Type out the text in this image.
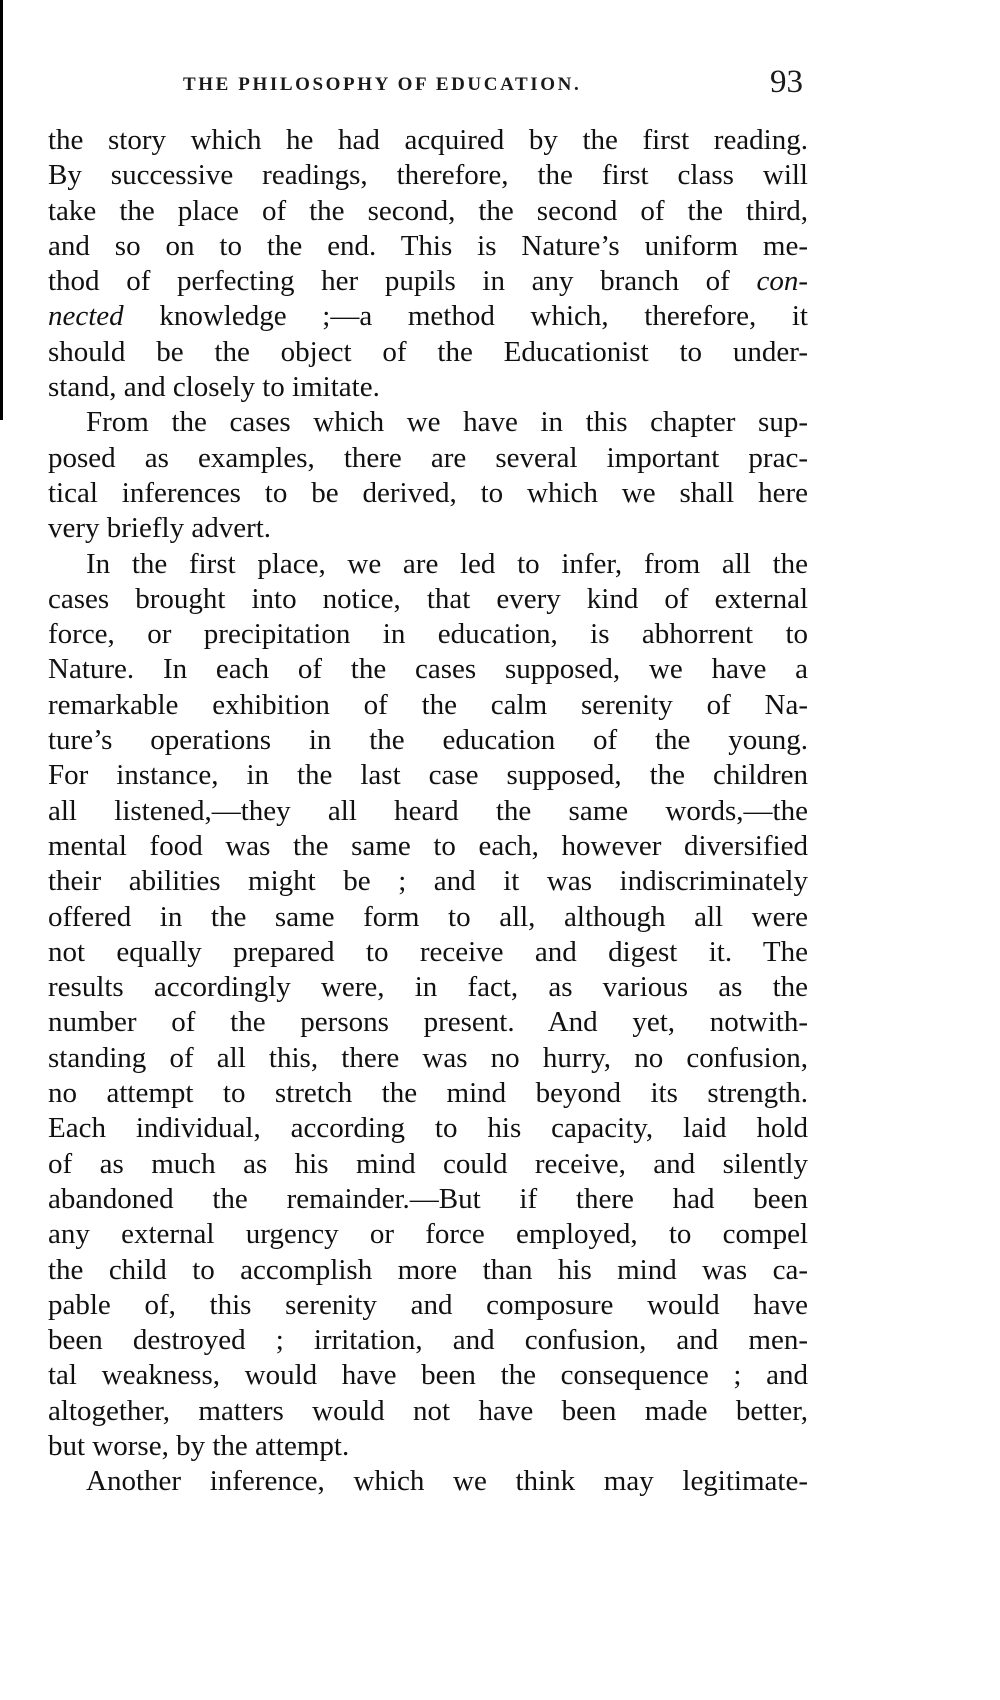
THE PHILOSOPHY OF EDUCATION.	93
the story which he had acquired by the first reading.
By successive readings, therefore, the first class will
take the place of the second, the second of the third,
and so on to the end. This is Nature’s uniform me-
thod of perfecting her pupils in any branch of con-
nected knowledge ;—a method which, therefore, it
should be the object of the Educationist to under-
stand, and closely to imitate.
From the cases which we have in this chapter sup-
posed as examples, there are several important prac-
tical inferences to be derived, to which we shall here
very briefly advert.
In the first place, we are led to infer, from all the
cases brought into notice, that every kind of external
force, or precipitation in education, is abhorrent to
Nature. In each of the cases supposed, we have a
remarkable exhibition of the calm serenity of Na-
ture’s operations in the education of the young.
For instance, in the last case supposed, the children
all listened,—they all heard the same words,—the
mental food was the same to each, however diversified
their abilities might be ; and it was indiscriminately
offered in the same form to all, although all were
not equally prepared to receive and digest it. The
results accordingly were, in fact, as various as the
number of the persons present. And yet, notwith-
standing of all this, there was no hurry, no confusion,
no attempt to stretch the mind beyond its strength.
Each individual, according to his capacity, laid hold
of as much as his mind could receive, and silently
abandoned the remainder.—But if there had been
any external urgency or force employed, to compel
the child to accomplish more than his mind was ca-
pable of, this serenity and composure would have
been destroyed ; irritation, and confusion, and men-
tal weakness, would have been the consequence ; and
altogether, matters would not have been made better,
but worse, by the attempt.
Another inference, which we think may legitimate-
